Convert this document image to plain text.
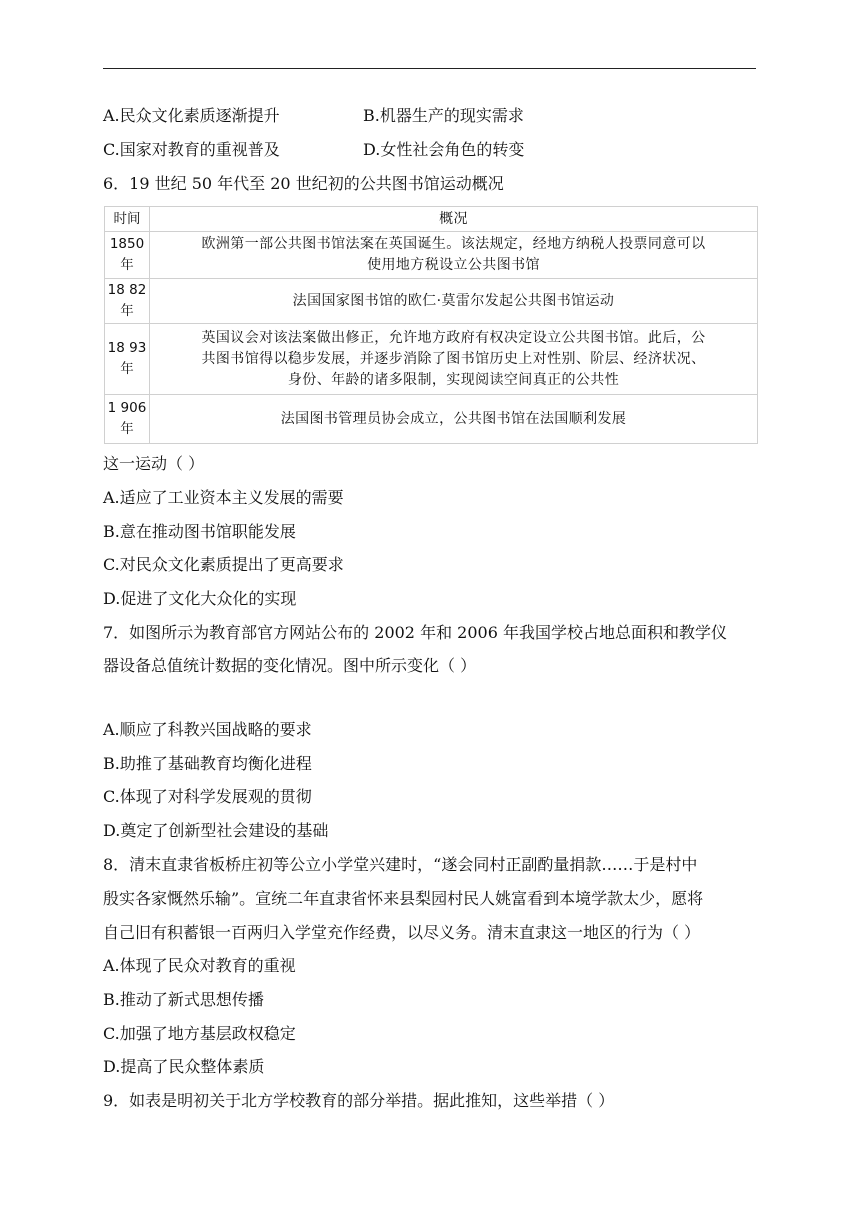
A.民众文化素质逐渐提升	B.机器生产的现实需求
C.国家对教育的重视普及	D.女性社会角色的转变
6．19 世纪 50 年代至 20 世纪初的公共图书馆运动概况
时间	概况
1850
年	欧洲第一部公共图书馆法案在英国诞生。该法规定，经地方纳税人投票同意可以
使用地方税设立公共图书馆
18 82
年	法国国家图书馆的欧仁·莫雷尔发起公共图书馆运动
18 93
年	英国议会对该法案做出修正，允许地方政府有权决定设立公共图书馆。此后，公
共图书馆得以稳步发展，并逐步消除了图书馆历史上对性别、阶层、经济状况、
身份、年龄的诸多限制，实现阅读空间真正的公共性
1 906
年	法国图书管理员协会成立，公共图书馆在法国顺利发展
这一运动（ ）
A.适应了工业资本主义发展的需要
B.意在推动图书馆职能发展
C.对民众文化素质提出了更高要求
D.促进了文化大众化的实现
7．如图所示为教育部官方网站公布的 2002 年和 2006 年我国学校占地总面积和教学仪
器设备总值统计数据的变化情况。图中所示变化（ ）
A.顺应了科教兴国战略的要求
B.助推了基础教育均衡化进程
C.体现了对科学发展观的贯彻
D.奠定了创新型社会建设的基础
8．清末直隶省板桥庄初等公立小学堂兴建时，“遂会同村正副酌量捐款……于是村中
殷实各家慨然乐输”。宣统二年直隶省怀来县梨园村民人姚富看到本境学款太少，愿将
自己旧有积蓄银一百两归入学堂充作经费，以尽义务。清末直隶这一地区的行为（ ）
A.体现了民众对教育的重视
B.推动了新式思想传播
C.加强了地方基层政权稳定
D.提高了民众整体素质
9．如表是明初关于北方学校教育的部分举措。据此推知，这些举措（ ）
